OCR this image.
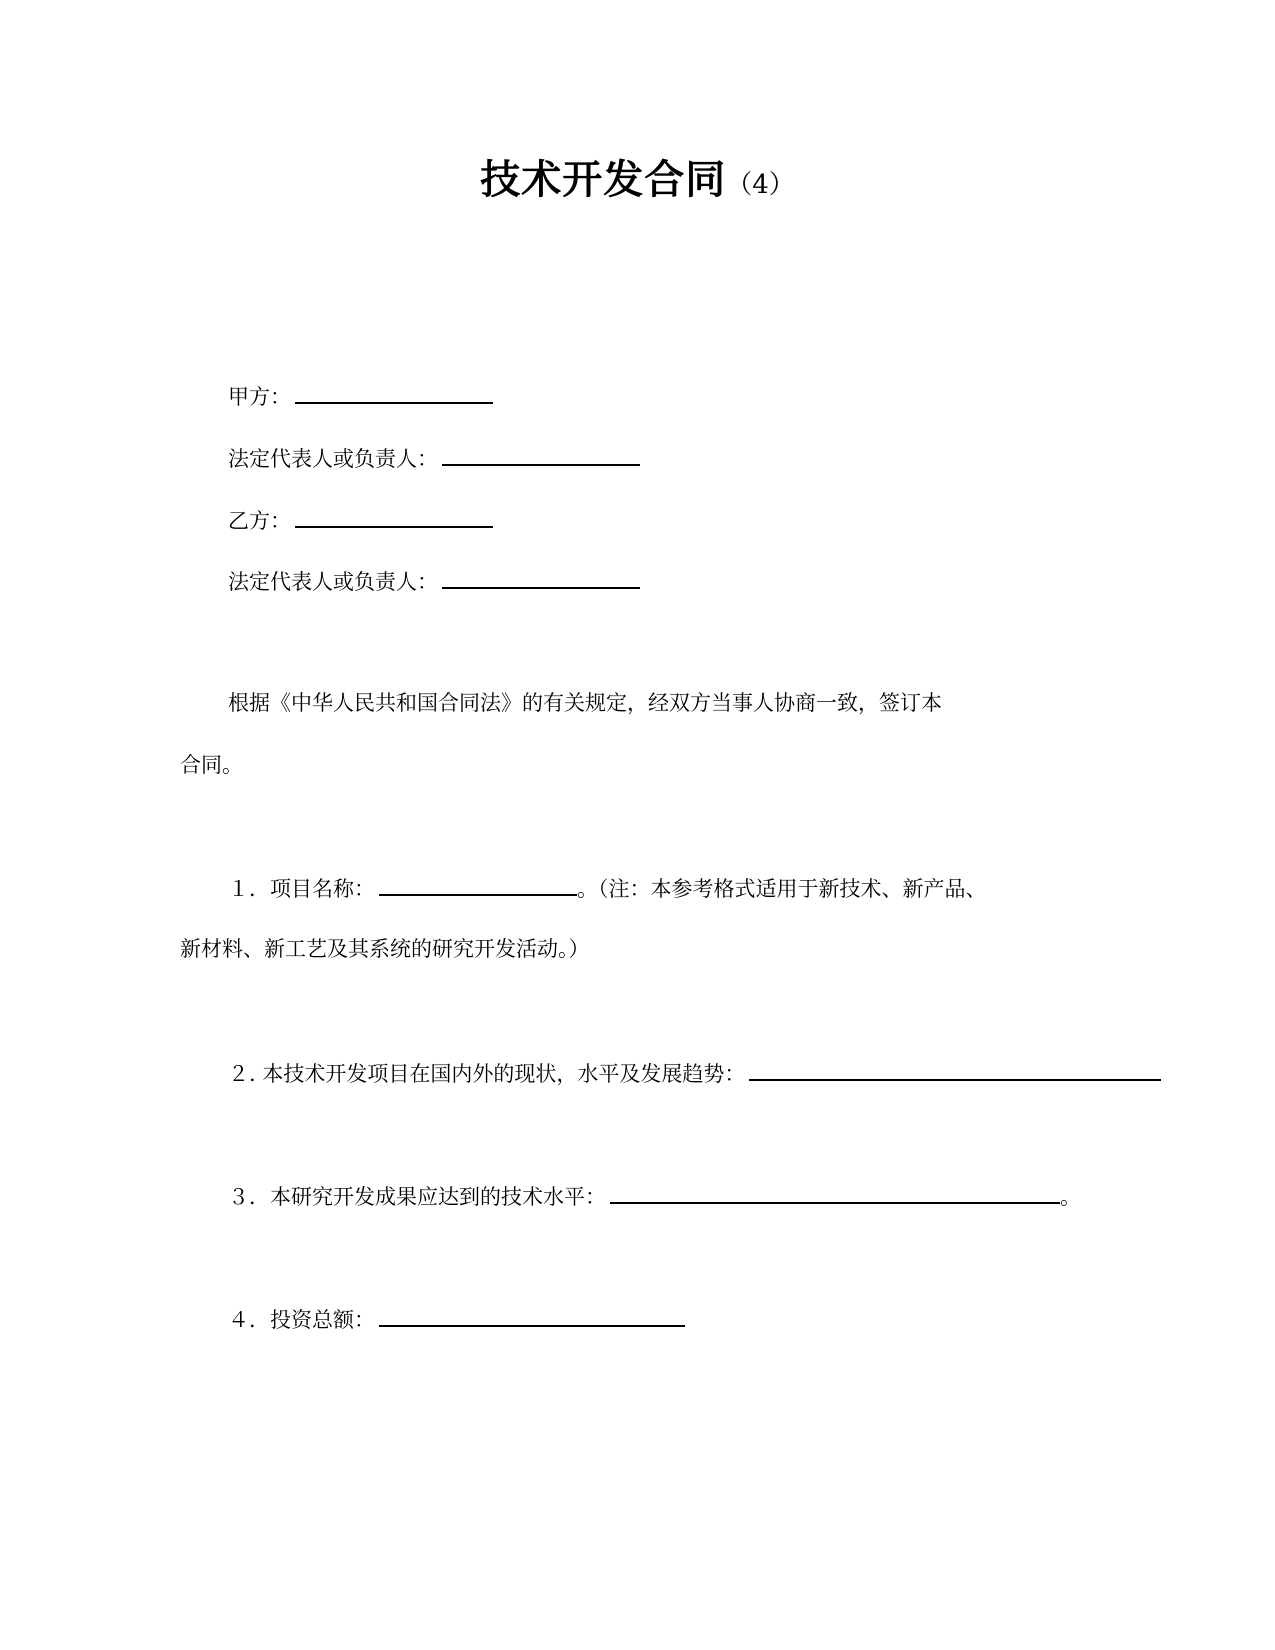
技术开发合同（4）
甲方：
法定代表人或负责人：
乙方：
法定代表人或负责人：
根据《中华人民共和国合同法》的有关规定，经双方当事人协商一致，签订本
合同。
１．项目名称：	。（注：本参考格式适用于新技术、新产品、
新材料、新工艺及其系统的研究开发活动。）
２. 本技术开发项目在国内外的现状，水平及发展趋势：
３．本研究开发成果应达到的技术水平：	。
４．投资总额：
